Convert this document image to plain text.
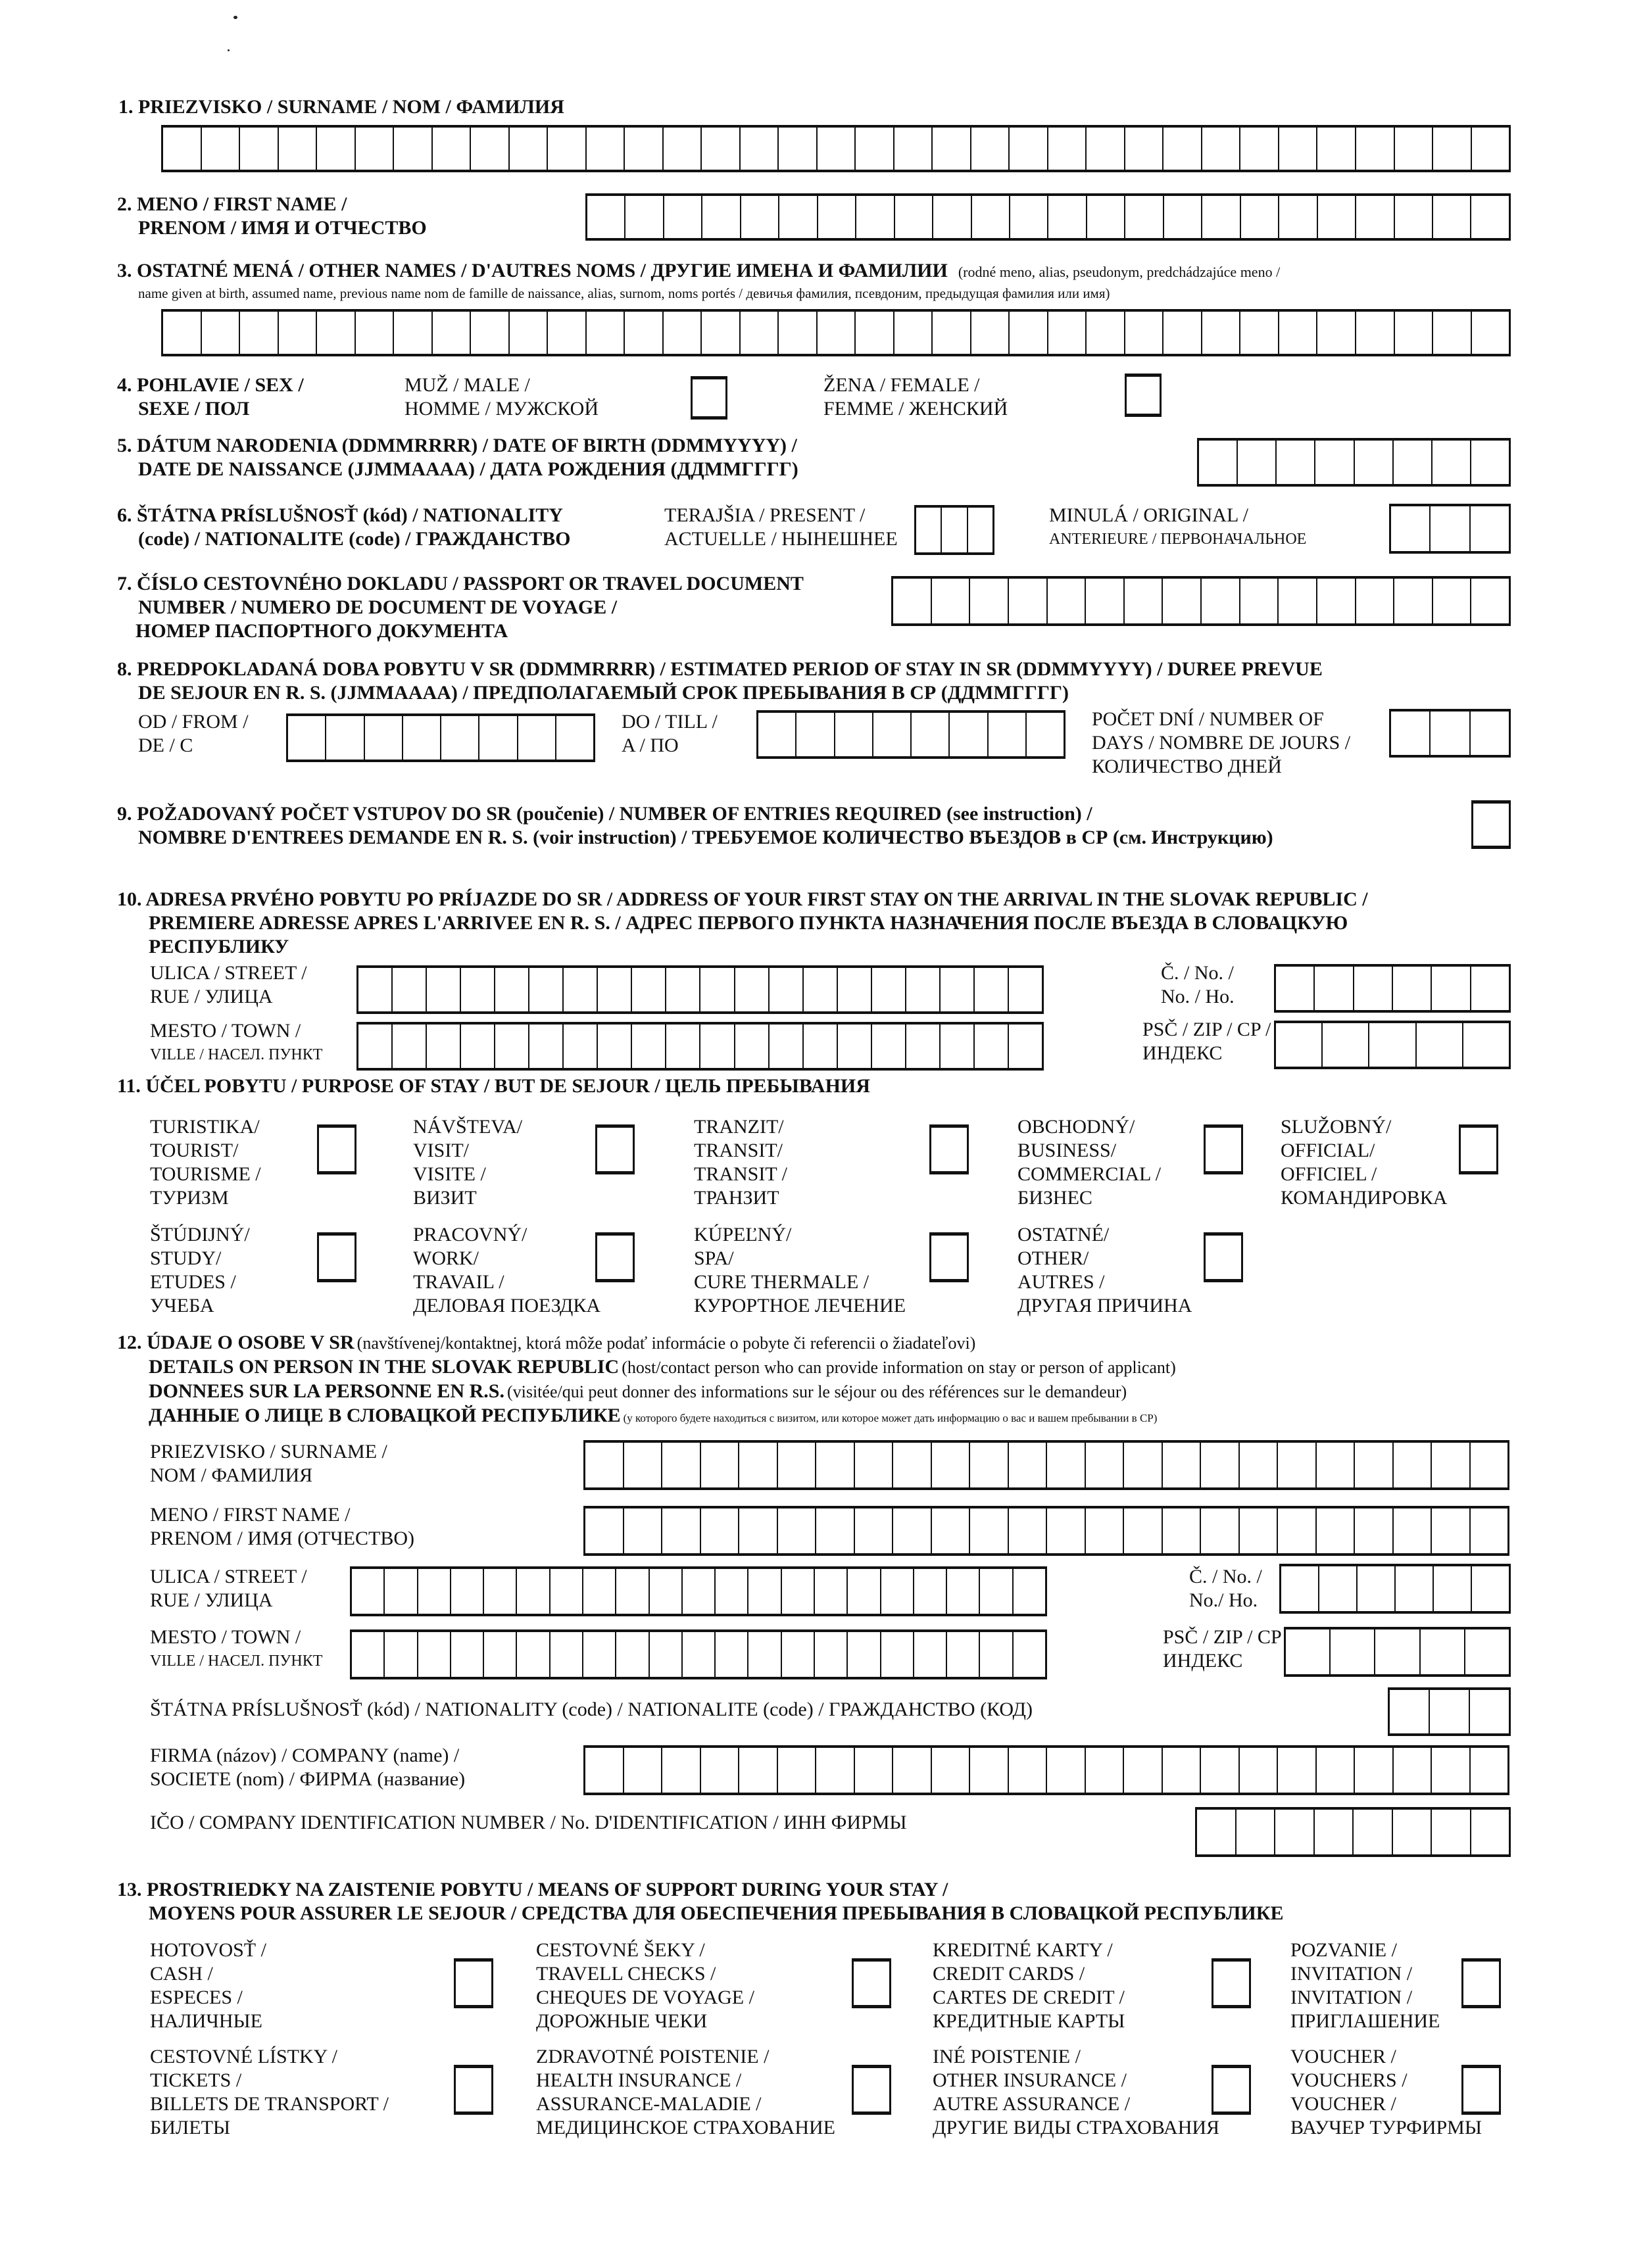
1. PRIEZVISKO / SURNAME / NOM / ФАМИЛИЯ
2. MENO / FIRST NAME /
PRENOM / ИМЯ И ОТЧЕСТВО
3. OSTATNÉ MENÁ / OTHER NAMES / D'AUTRES NOMS / ДРУГИЕ ИМЕНА И ФАМИЛИИ (rodné meno, alias, pseudonym, predchádzajúce meno /
name given at birth, assumed name, previous name nom de famille de naissance, alias, surnom, noms portés / девичья фамилия, псевдоним, предыдущая фамилия или имя)
4. POHLAVIE / SEX /
SEXE / ПОЛ
MUŽ / MALE /
HOMME / МУЖСКОЙ
ŽENA / FEMALE /
FEMME / ЖЕНСКИЙ
5. DÁTUM NARODENIA (DDMMRRRR) / DATE OF BIRTH (DDMMYYYY) /
DATE DE NAISSANCE (JJMMAAAA) / ДАТА РОЖДЕНИЯ (ДДММГГГГ)
6. ŠTÁTNA PRÍSLUŠNOSŤ (kód) / NATIONALITY
(code) / NATIONALITE (code) / ГРАЖДАНСТВО
TERAJŠIA / PRESENT /
ACTUELLE / НЫНЕШНЕЕ
MINULÁ / ORIGINAL /
ANTERIEURE / ПЕРВОНАЧАЛЬНОЕ
7. ČÍSLO CESTOVNÉHO DOKLADU / PASSPORT OR TRAVEL DOCUMENT
NUMBER / NUMERO DE DOCUMENT DE VOYAGE /
НОМЕР ПАСПОРТНОГО ДОКУМЕНТА
8. PREDPOKLADANÁ DOBA POBYTU V SR (DDMMRRRR) / ESTIMATED PERIOD OF STAY IN SR (DDMMYYYY) / DUREE PREVUE
DE SEJOUR EN R. S. (JJMMAAAA) / ПРЕДПОЛАГАЕМЫЙ СРОК ПРЕБЫВАНИЯ В СР (ДДММГГГГ)
OD / FROM /
DE / C
DO / TILL /
A / ПО
POČET DNÍ / NUMBER OF
DAYS / NOMBRE DE JOURS /
КОЛИЧЕСТВО ДНЕЙ
9. POŽADOVANÝ POČET VSTUPOV DO SR (poučenie) / NUMBER OF ENTRIES REQUIRED (see instruction) /
NOMBRE D'ENTREES DEMANDE EN R. S. (voir instruction) / ТРЕБУЕМОЕ КОЛИЧЕСТВО ВЪЕЗДОВ в СР (см. Инструкцию)
10. ADRESA PRVÉHO POBYTU PO PRÍJAZDE DO SR / ADDRESS OF YOUR FIRST STAY ON THE ARRIVAL IN THE SLOVAK REPUBLIC /
PREMIERE ADRESSE APRES L'ARRIVEE EN R. S. / АДРЕС ПЕРВОГО ПУНКТА НАЗНАЧЕНИЯ ПОСЛЕ ВЪЕЗДА В СЛОВАЦКУЮ
РЕСПУБЛИКУ
ULICA / STREET /
RUE / УЛИЦА
Č. / No. /
No. / Ho.
MESTO / TOWN /
VILLE / НАСЕЛ. ПУНКТ
PSČ / ZIP / CP /
ИНДЕКС
11. ÚČEL POBYTU / PURPOSE OF STAY / BUT DE SEJOUR / ЦЕЛЬ ПРЕБЫВАНИЯ
TURISTIKA/
TOURIST/
TOURISME /
ТУРИЗМ
NÁVŠTEVA/
VISIT/
VISITE /
ВИЗИТ
TRANZIT/
TRANSIT/
TRANSIT /
ТРАНЗИТ
OBCHODNÝ/
BUSINESS/
COMMERCIAL /
БИЗНЕС
SLUŽOBNÝ/
OFFICIAL/
OFFICIEL /
КОМАНДИРОВКА
ŠTÚDIJNÝ/
STUDY/
ETUDES /
УЧЕБА
PRACOVNÝ/
WORK/
TRAVAIL /
ДЕЛОВАЯ ПОЕЗДКА
KÚPEĽNÝ/
SPA/
CURE THERMALE /
КУРОРТНОЕ ЛЕЧЕНИЕ
OSTATNÉ/
OTHER/
AUTRES /
ДРУГАЯ ПРИЧИНА
12. ÚDAJE O OSOBE V SR (navštívenej/kontaktnej, ktorá môže podať informácie o pobyte či referencii o žiadateľovi)
DETAILS ON PERSON IN THE SLOVAK REPUBLIC (host/contact person who can provide information on stay or person of applicant)
DONNEES SUR LA PERSONNE EN R.S. (visitée/qui peut donner des informations sur le séjour ou des références sur le demandeur)
ДАННЫЕ О ЛИЦЕ В СЛОВАЦКОЙ РЕСПУБЛИКЕ (у которого будете находиться с визитом, или которое может дать информацию о вас и вашем пребывании в СР)
PRIEZVISKO / SURNAME /
NOM / ФАМИЛИЯ
MENO / FIRST NAME /
PRENOM / ИМЯ (ОТЧЕСТВО)
ULICA / STREET /
RUE / УЛИЦА
Č. / No. /
No./ Ho.
MESTO / TOWN /
VILLE / НАСЕЛ. ПУНКТ
PSČ / ZIP / CP
ИНДЕКС
ŠTÁTNA PRÍSLUŠNOSŤ (kód) / NATIONALITY (code) / NATIONALITE (code) / ГРАЖДАНСТВО (КОД)
FIRMA (názov) / COMPANY (name) /
SOCIETE (nom) / ФИРМА (название)
IČO / COMPANY IDENTIFICATION NUMBER / No. D'IDENTIFICATION / ИНН ФИРМЫ
13. PROSTRIEDKY NA ZAISTENIE POBYTU / MEANS OF SUPPORT DURING YOUR STAY /
MOYENS POUR ASSURER LE SEJOUR / СРЕДСТВА ДЛЯ ОБЕСПЕЧЕНИЯ ПРЕБЫВАНИЯ В СЛОВАЦКОЙ РЕСПУБЛИКЕ
HOTOVOSŤ /
CASH /
ESPECES /
НАЛИЧНЫЕ
CESTOVNÉ ŠEKY /
TRAVELL CHECKS /
CHEQUES DE VOYAGE /
ДОРОЖНЫЕ ЧЕКИ
KREDITNÉ KARTY /
CREDIT CARDS /
CARTES DE CREDIT /
КРЕДИТНЫЕ КАРТЫ
POZVANIE /
INVITATION /
INVITATION /
ПРИГЛАШЕНИЕ
CESTOVNÉ LÍSTKY /
TICKETS /
BILLETS DE TRANSPORT /
БИЛЕТЫ
ZDRAVOTNÉ POISTENIE /
HEALTH INSURANCE /
ASSURANCE-MALADIE /
МЕДИЦИНСКОЕ СТРАХОВАНИЕ
INÉ POISTENIE /
OTHER INSURANCE /
AUTRE ASSURANCE /
ДРУГИЕ ВИДЫ СТРАХОВАНИЯ
VOUCHER /
VOUCHERS /
VOUCHER /
ВАУЧЕР ТУРФИРМЫ
